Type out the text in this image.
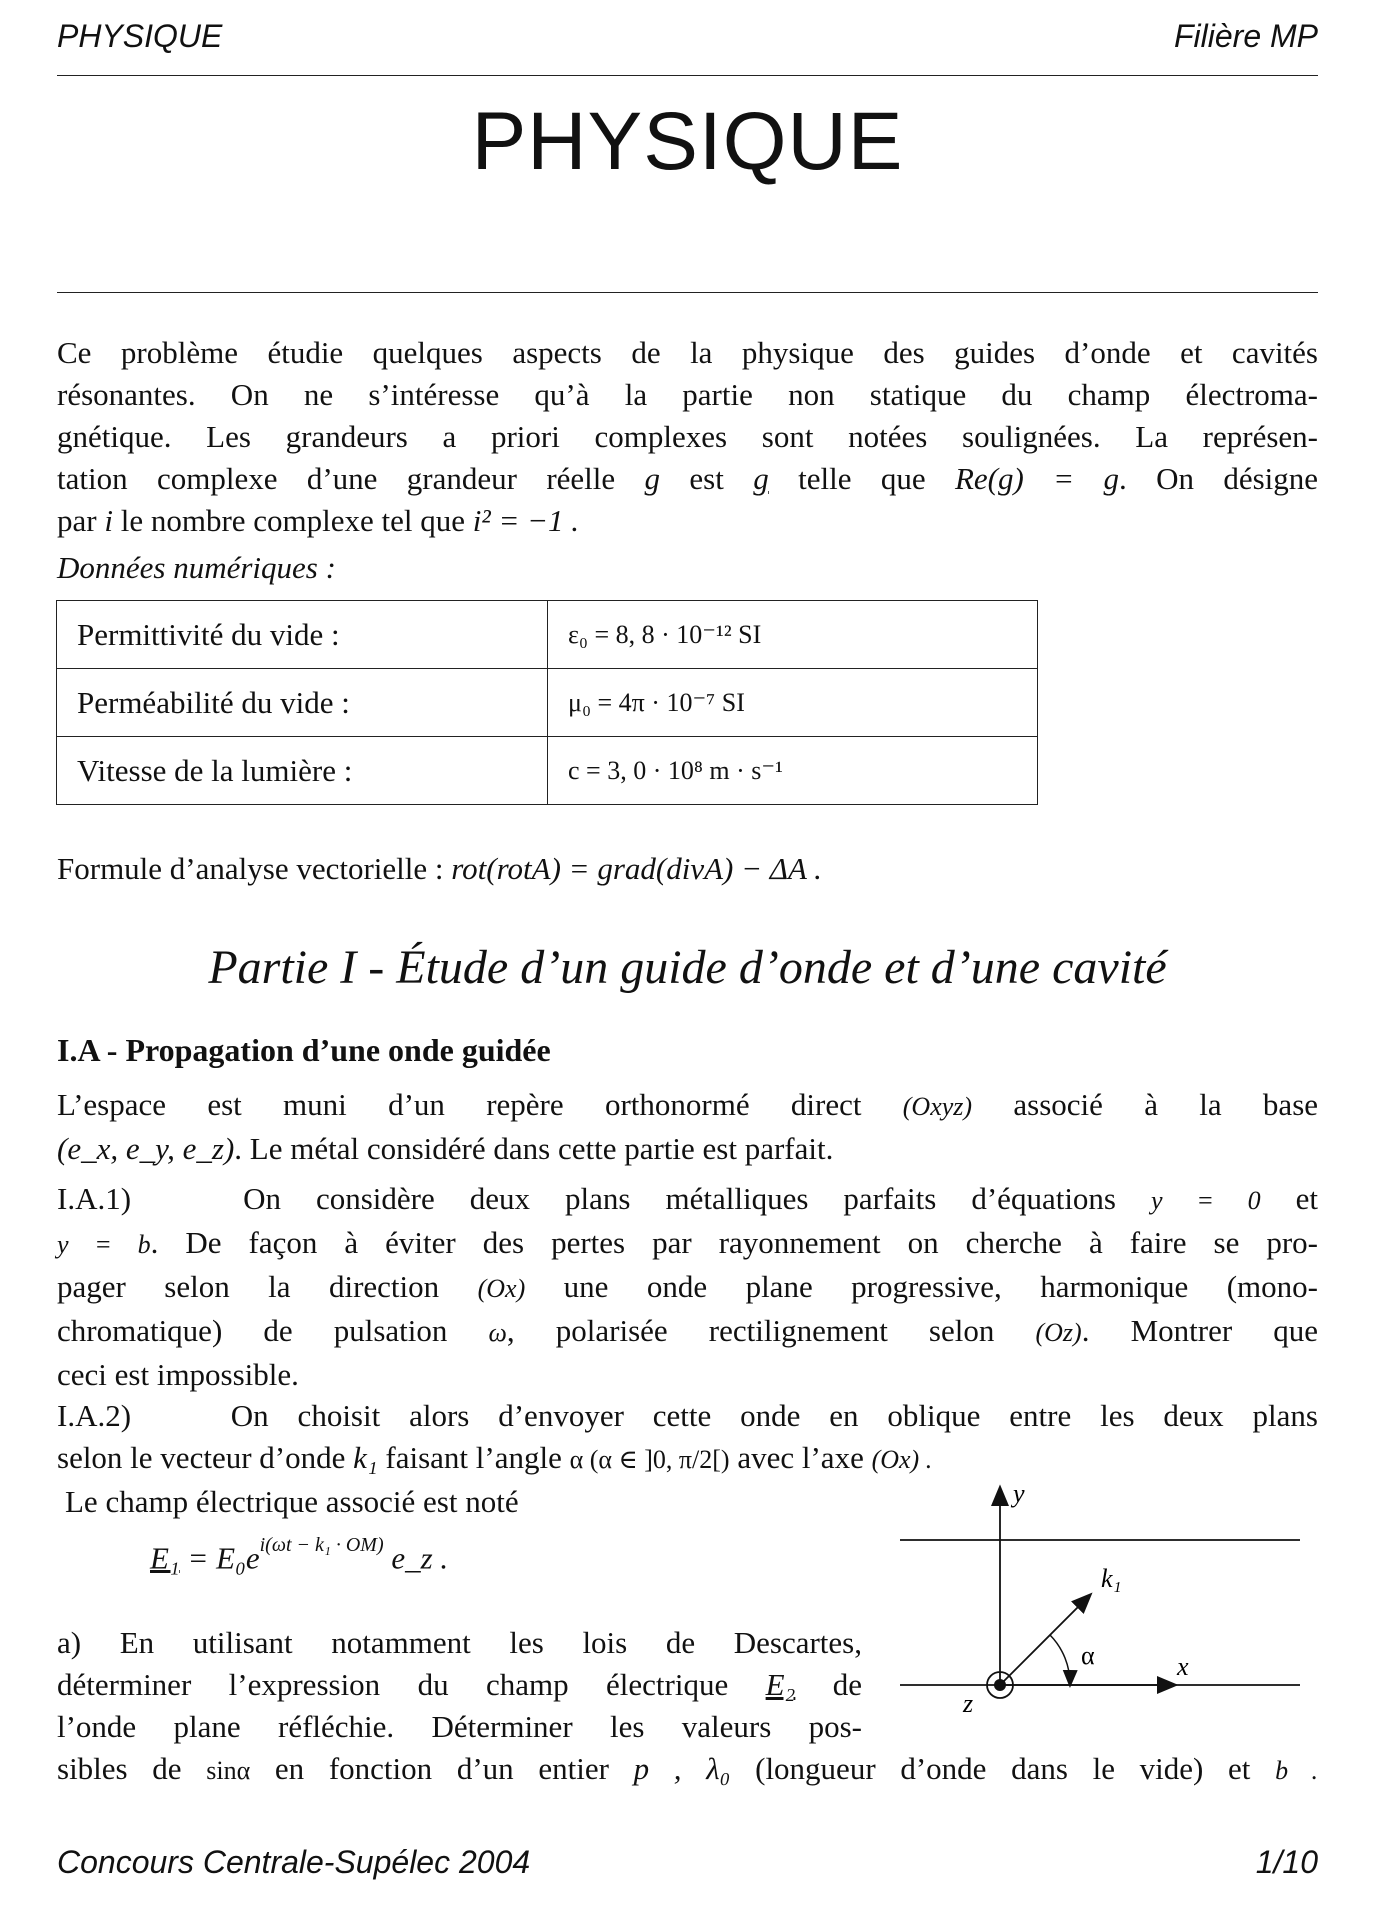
PHYSIQUE	Filière MP
PHYSIQUE
Ce problème étudie quelques aspects de la physique des guides d’onde et cavités
résonantes. On ne s’intéresse qu’à la partie non statique du champ électroma-
gnétique. Les grandeurs a priori complexes sont notées soulignées. La représen-
tation complexe d’une grandeur réelle g est g telle que Re(g) = g. On désigne
par i le nombre complexe tel que i² = −1 .
Données numériques :
Permittivité du vide :	ε₀ = 8, 8 · 10⁻¹² SI
Perméabilité du vide :	μ₀ = 4π · 10⁻⁷ SI
Vitesse de la lumière :	c = 3, 0 · 10⁸ m · s⁻¹
Formule d’analyse vectorielle : rot(rotA) = grad(divA) − ΔA .
Partie I - Étude d’un guide d’onde et d’une cavité
I.A - Propagation d’une onde guidée
L’espace est muni d’un repère orthonormé direct (Oxyz) associé à la base
(e_x, e_y, e_z). Le métal considéré dans cette partie est parfait.
I.A.1)	On considère deux plans métalliques parfaits d’équations y = 0 et
y = b. De façon à éviter des pertes par rayonnement on cherche à faire se pro-
pager selon la direction (Ox) une onde plane progressive, harmonique (mono-
chromatique) de pulsation ω, polarisée rectilignement selon (Oz). Montrer que
ceci est impossible.
I.A.2)	On choisit alors d’envoyer cette onde en oblique entre les deux plans
selon le vecteur d’onde k₁ faisant l’angle α (α ∈ ]0, π/2[) avec l’axe (Ox) .
Le champ électrique associé est noté
$E_1 = E_0e^{i(\omega t - k_1 \cdot OM)}$ e_z .
a) En utilisant notamment les lois de Descartes,
déterminer l’expression du champ électrique E₂ de
l’onde plane réfléchie. Déterminer les valeurs pos-
sibles de sinα en fonction d’un entier p , λ₀ (longueur d’onde dans le vide) et b .
y
x
z
k₁
α
Concours Centrale-Supélec 2004	1/10
